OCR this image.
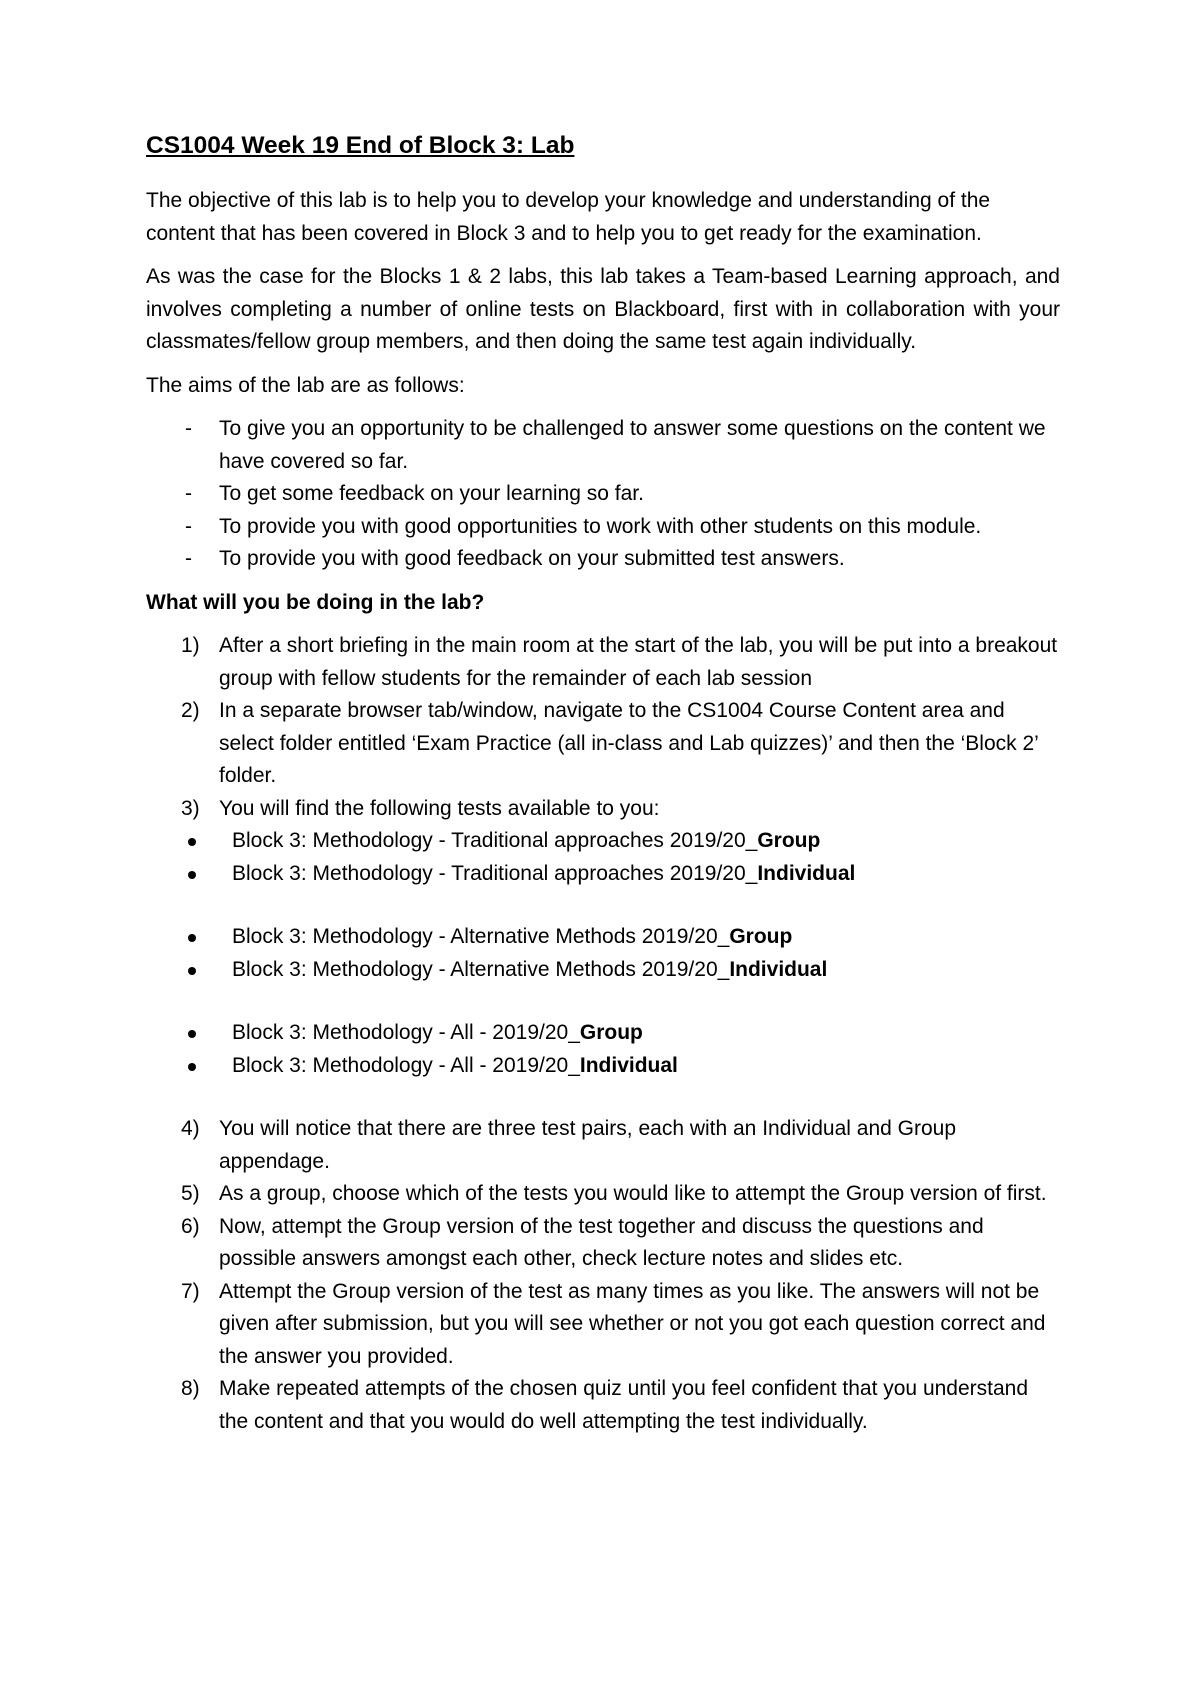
CS1004 Week 19 End of Block 3: Lab

The objective of this lab is to help you to develop your knowledge and understanding of the content that has been covered in Block 3 and to help you to get ready for the examination.

As was the case for the Blocks 1 & 2 labs, this lab takes a Team-based Learning approach, and involves completing a number of online tests on Blackboard, first with in collaboration with your classmates/fellow group members, and then doing the same test again individually.

The aims of the lab are as follows:

- To give you an opportunity to be challenged to answer some questions on the content we have covered so far.
- To get some feedback on your learning so far.
- To provide you with good opportunities to work with other students on this module.
- To provide you with good feedback on your submitted test answers.
What will you be doing in the lab?
1) After a short briefing in the main room at the start of the lab, you will be put into a breakout group with fellow students for the remainder of each lab session
2) In a separate browser tab/window, navigate to the CS1004 Course Content area and select folder entitled ‘Exam Practice (all in-class and Lab quizzes)’ and then the ‘Block 2’ folder.
3) You will find the following tests available to you:
Block 3: Methodology - Traditional approaches 2019/20_Group
Block 3: Methodology - Traditional approaches 2019/20_Individual
Block 3: Methodology - Alternative Methods 2019/20_Group
Block 3: Methodology - Alternative Methods 2019/20_Individual
Block 3: Methodology - All - 2019/20_Group
Block 3: Methodology - All - 2019/20_Individual
4) You will notice that there are three test pairs, each with an Individual and Group appendage.
5) As a group, choose which of the tests you would like to attempt the Group version of first.
6) Now, attempt the Group version of the test together and discuss the questions and possible answers amongst each other, check lecture notes and slides etc.
7) Attempt the Group version of the test as many times as you like. The answers will not be given after submission, but you will see whether or not you got each question correct and the answer you provided.
8) Make repeated attempts of the chosen quiz until you feel confident that you understand the content and that you would do well attempting the test individually.
